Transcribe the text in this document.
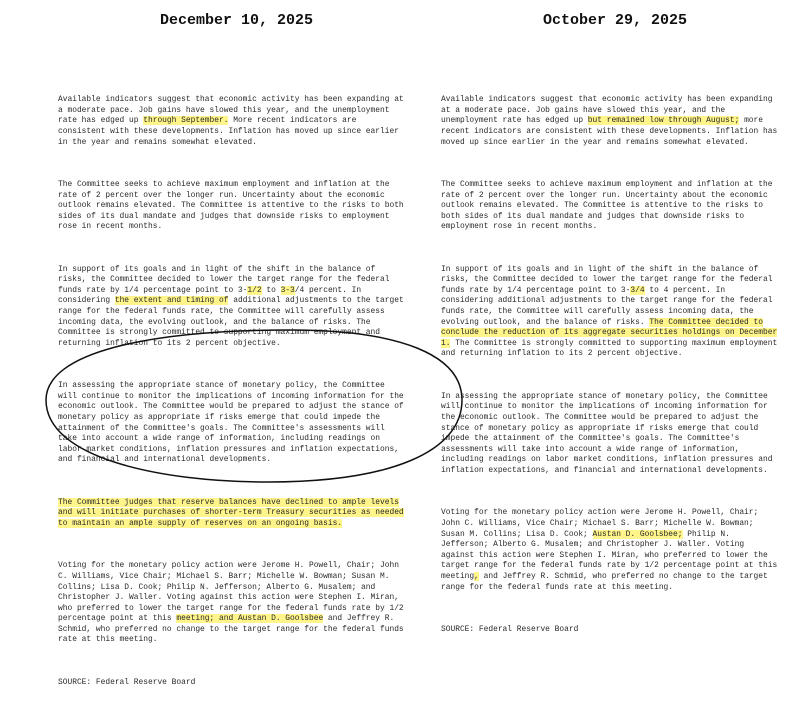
December 10, 2025	October 29, 2025

Available indicators suggest that economic activity has been expanding at
a moderate pace. Job gains have slowed this year, and the unemployment
rate has edged up through September. More recent indicators are
consistent with these developments. Inflation has moved up since earlier
in the year and remains somewhat elevated.

The Committee seeks to achieve maximum employment and inflation at the
rate of 2 percent over the longer run. Uncertainty about the economic
outlook remains elevated. The Committee is attentive to the risks to both
sides of its dual mandate and judges that downside risks to employment
rose in recent months.

In support of its goals and in light of the shift in the balance of
risks, the Committee decided to lower the target range for the federal
funds rate by 1/4 percentage point to 3-1/2 to 3-3/4 percent. In
considering the extent and timing of additional adjustments to the target
range for the federal funds rate, the Committee will carefully assess
incoming data, the evolving outlook, and the balance of risks. The
Committee is strongly committed to supporting maximum employment and
returning inflation to its 2 percent objective.

In assessing the appropriate stance of monetary policy, the Committee
will continue to monitor the implications of incoming information for the
economic outlook. The Committee would be prepared to adjust the stance of
monetary policy as appropriate if risks emerge that could impede the
attainment of the Committee's goals. The Committee's assessments will
take into account a wide range of information, including readings on
labor market conditions, inflation pressures and inflation expectations,
and financial and international developments.

The Committee judges that reserve balances have declined to ample levels
and will initiate purchases of shorter-term Treasury securities as needed
to maintain an ample supply of reserves on an ongoing basis.

Voting for the monetary policy action were Jerome H. Powell, Chair; John
C. Williams, Vice Chair; Michael S. Barr; Michelle W. Bowman; Susan M.
Collins; Lisa D. Cook; Philip N. Jefferson; Alberto G. Musalem; and
Christopher J. Waller. Voting against this action were Stephen I. Miran,
who preferred to lower the target range for the federal funds rate by 1/2
percentage point at this meeting; and Austan D. Goolsbee and Jeffrey R.
Schmid, who preferred no change to the target range for the federal funds
rate at this meeting.

SOURCE: Federal Reserve Board

Available indicators suggest that economic activity has been expanding
at a moderate pace. Job gains have slowed this year, and the
unemployment rate has edged up but remained low through August; more
recent indicators are consistent with these developments. Inflation has
moved up since earlier in the year and remains somewhat elevated.

The Committee seeks to achieve maximum employment and inflation at the
rate of 2 percent over the longer run. Uncertainty about the economic
outlook remains elevated. The Committee is attentive to the risks to
both sides of its dual mandate and judges that downside risks to
employment rose in recent months.

In support of its goals and in light of the shift in the balance of
risks, the Committee decided to lower the target range for the federal
funds rate by 1/4 percentage point to 3-3/4 to 4 percent. In
considering additional adjustments to the target range for the federal
funds rate, the Committee will carefully assess incoming data, the
evolving outlook, and the balance of risks. The Committee decided to
conclude the reduction of its aggregate securities holdings on December
1. The Committee is strongly committed to supporting maximum employment
and returning inflation to its 2 percent objective.

In assessing the appropriate stance of monetary policy, the Committee
will continue to monitor the implications of incoming information for
the economic outlook. The Committee would be prepared to adjust the
stance of monetary policy as appropriate if risks emerge that could
impede the attainment of the Committee's goals. The Committee's
assessments will take into account a wide range of information,
including readings on labor market conditions, inflation pressures and
inflation expectations, and financial and international developments.

Voting for the monetary policy action were Jerome H. Powell, Chair;
John C. Williams, Vice Chair; Michael S. Barr; Michelle W. Bowman;
Susan M. Collins; Lisa D. Cook; Austan D. Goolsbee; Philip N.
Jefferson; Alberto G. Musalem; and Christopher J. Waller. Voting
against this action were Stephen I. Miran, who preferred to lower the
target range for the federal funds rate by 1/2 percentage point at this
meeting, and Jeffrey R. Schmid, who preferred no change to the target
range for the federal funds rate at this meeting.

SOURCE: Federal Reserve Board
